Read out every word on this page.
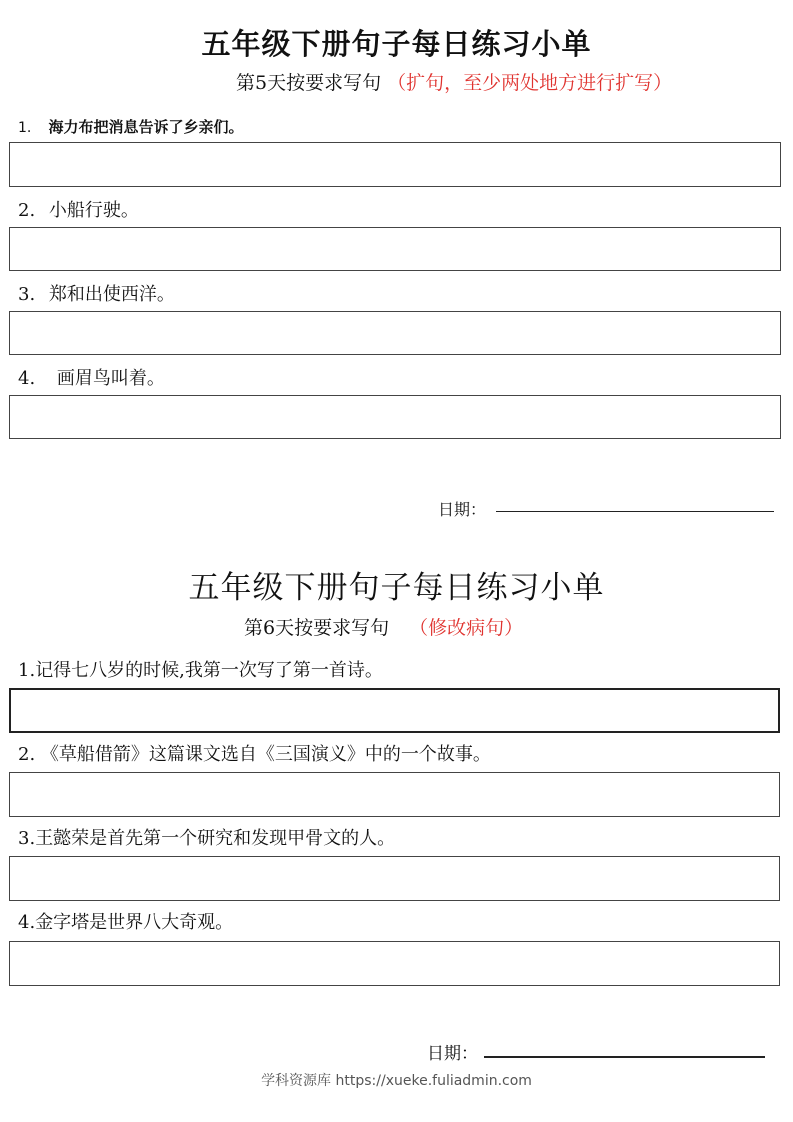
五年级下册句子每日练习小单
第5天按要求写句 （扩句，至少两处地方进行扩写）
1. 海力布把消息告诉了乡亲们。
2. 小船行驶。
3. 郑和出使西洋。
4. 画眉鸟叫着。
日期：
五年级下册句子每日练习小单
第6天按要求写句 （修改病句）
1.记得七八岁的时候,我第一次写了第一首诗。
2. 《草船借箭》这篇课文选自《三国演义》中的一个故事。
3.王懿荣是首先第一个研究和发现甲骨文的人。
4.金字塔是世界八大奇观。
日期：
学科资源库 https://xueke.fuliadmin.com
